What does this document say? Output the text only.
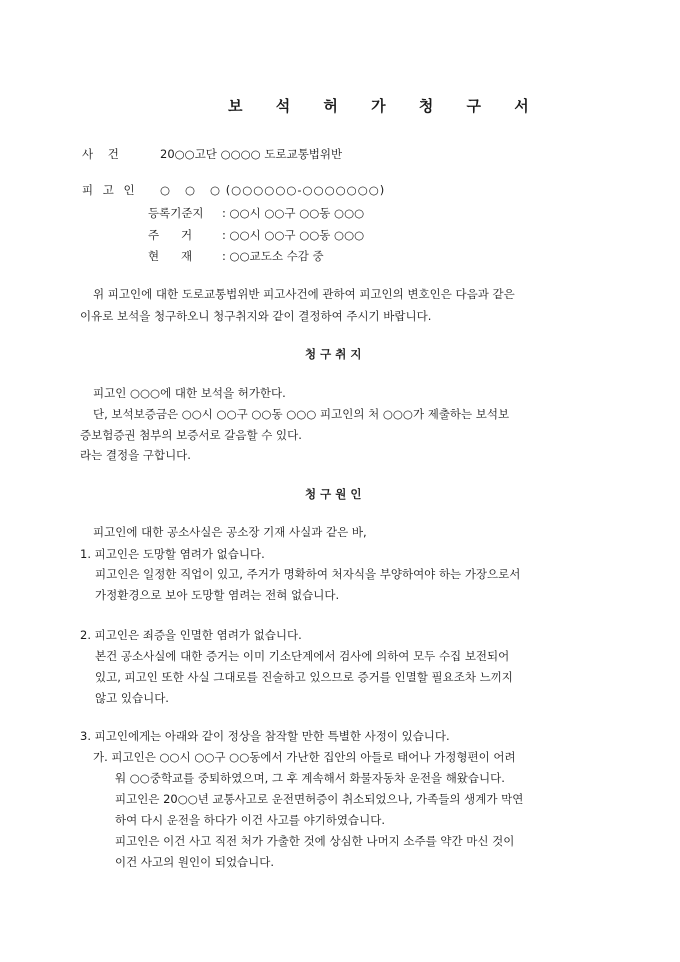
보 석 허 가 청 구 서
사    건	20○○고단 ○○○○ 도로교통법위반
피 고 인 ○   ○   ○ (○○○○○○-○○○○○○○)
등록기준지 : ○○시 ○○구 ○○동 ○○○
주      거	: ○○시 ○○구 ○○동 ○○○
현      재	: ○○교도소 수감 중
위 피고인에 대한 도로교통법위반 피고사건에 관하여 피고인의 변호인은 다음과 같은
이유로 보석을 청구하오니 청구취지와 같이 결정하여 주시기 바랍니다.
청구취지
피고인 ○○○에 대한 보석을 허가한다.
단, 보석보증금은 ○○시 ○○구 ○○동 ○○○ 피고인의 처 ○○○가 제출하는 보석보
증보험증권 첨부의 보증서로 갈음할 수 있다.
라는 결정을 구합니다.
청구원인
피고인에 대한 공소사실은 공소장 기재 사실과 같은 바,
1. 피고인은 도망할 염려가 없습니다.
피고인은 일정한 직업이 있고, 주거가 명확하여 처자식을 부양하여야 하는 가장으로서
가정환경으로 보아 도망할 염려는 전혀 없습니다.
2. 피고인은 죄증을 인멸한 염려가 없습니다.
본건 공소사실에 대한 증거는 이미 기소단계에서 검사에 의하여 모두 수집 보전되어
있고, 피고인 또한 사실 그대로를 진술하고 있으므로 증거를 인멸할 필요조차 느끼지
않고 있습니다.
3. 피고인에게는 아래와 같이 정상을 참작할 만한 특별한 사정이 있습니다.
가. 피고인은 ○○시 ○○구 ○○동에서 가난한 집안의 아들로 태어나 가정형편이 어려
워 ○○중학교를 중퇴하였으며, 그 후 계속해서 화물자동차 운전을 해왔습니다.
피고인은 20○○년 교통사고로 운전면허증이 취소되었으나, 가족들의 생계가 막연
하여 다시 운전을 하다가 이건 사고를 야기하였습니다.
피고인은 이건 사고 직전 처가 가출한 것에 상심한 나머지 소주를 약간 마신 것이
이건 사고의 원인이 되었습니다.
